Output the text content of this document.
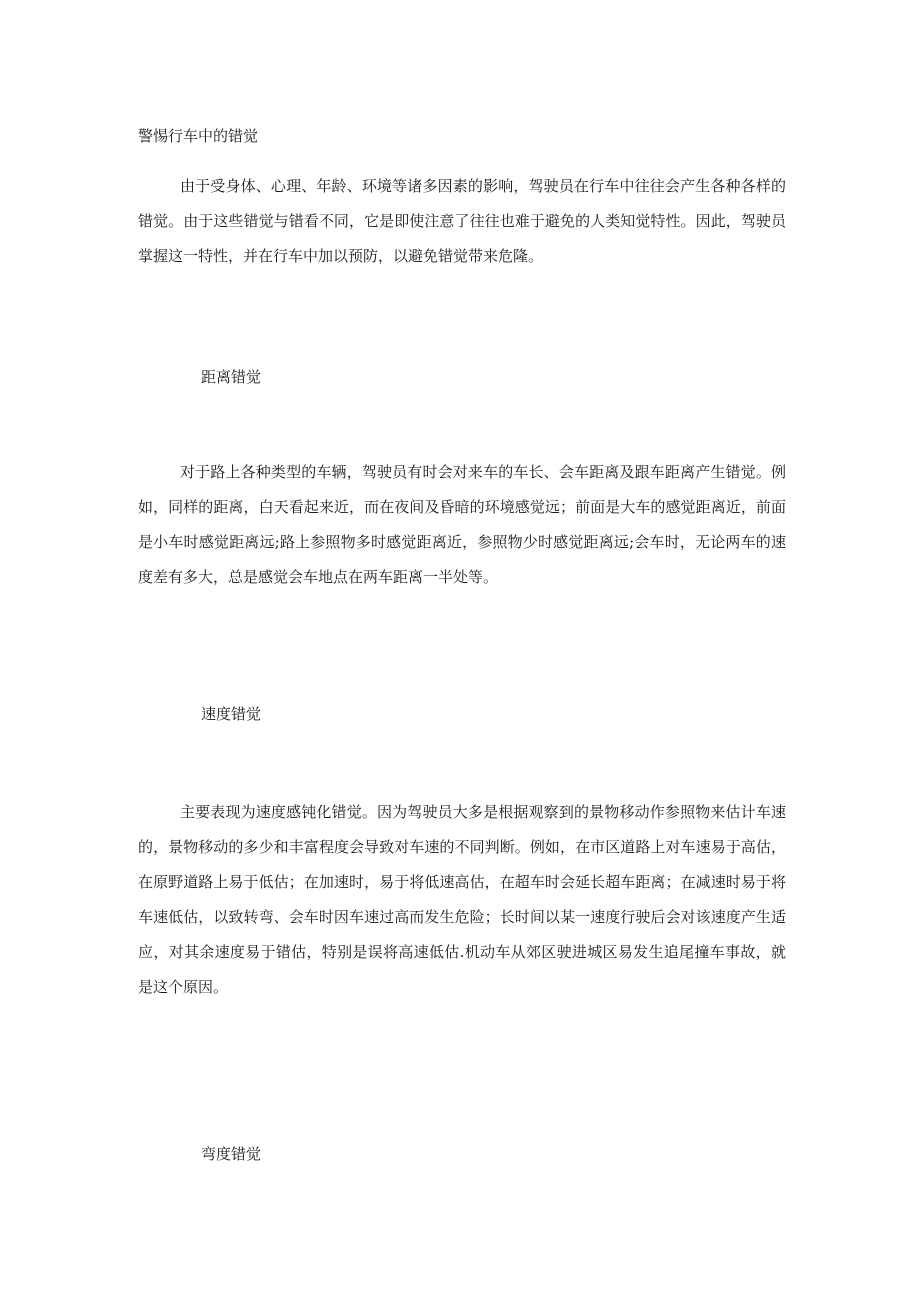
警惕行车中的错觉

由于受身体、心理、年龄、环境等诸多因素的影响，驾驶员在行车中往往会产生各种各样的错觉。由于这些错觉与错看不同，它是即使注意了往往也难于避免的人类知觉特性。因此，驾驶员掌握这一特性，并在行车中加以预防，以避免错觉带来危隆。

距离错觉

对于路上各种类型的车辆，驾驶员有时会对来车的车长、会车距离及跟车距离产生错觉。例如，同样的距离，白天看起来近，而在夜间及昏暗的环境感觉远；前面是大车的感觉距离近，前面是小车时感觉距离远;路上参照物多时感觉距离近，参照物少时感觉距离远;会车时，无论两车的速度差有多大，总是感觉会车地点在两车距离一半处等。

速度错觉

主要表现为速度感钝化错觉。因为驾驶员大多是根据观察到的景物移动作参照物来估计车速的，景物移动的多少和丰富程度会导致对车速的不同判断。例如，在市区道路上对车速易于高估，在原野道路上易于低估；在加速时，易于将低速高估，在超车时会延长超车距离；在减速时易于将车速低估，以致转弯、会车时因车速过高而发生危险；长时间以某一速度行驶后会对该速度产生适应，对其余速度易于错估，特别是误将高速低估.机动车从郊区驶进城区易发生追尾撞车事故，就是这个原因。

弯度错觉
